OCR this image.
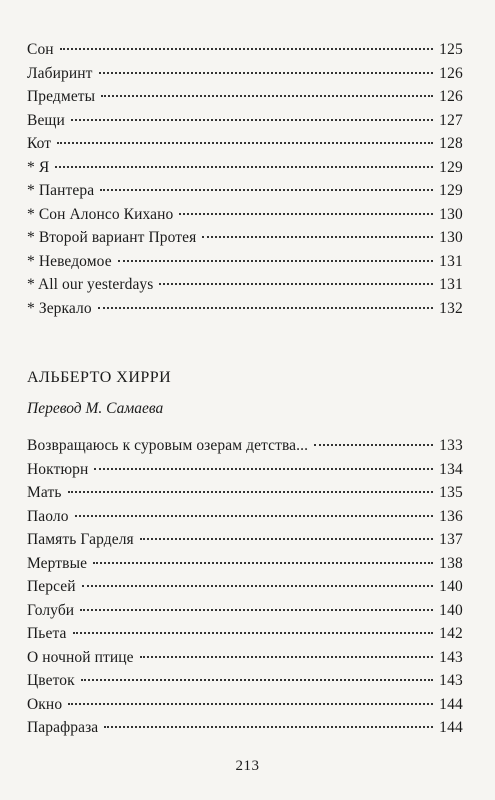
Сон	125
Лабиринт	126
Предметы	126
Вещи	127
Кот	128
* Я	129
* Пантера	129
* Сон Алонсо Кихано	130
* Второй вариант Протея	130
* Неведомое	131
* All our yesterdays	131
* Зеркало	132
АЛЬБЕРТО ХИРРИ
Перевод М. Самаева
Возвращаюсь к суровым озерам детства...	133
Ноктюрн	134
Мать	135
Паоло	136
Память Гарделя	137
Мертвые	138
Персей	140
Голуби	140
Пьета	142
О ночной птице	143
Цветок	143
Окно	144
Парафраза	144
213
